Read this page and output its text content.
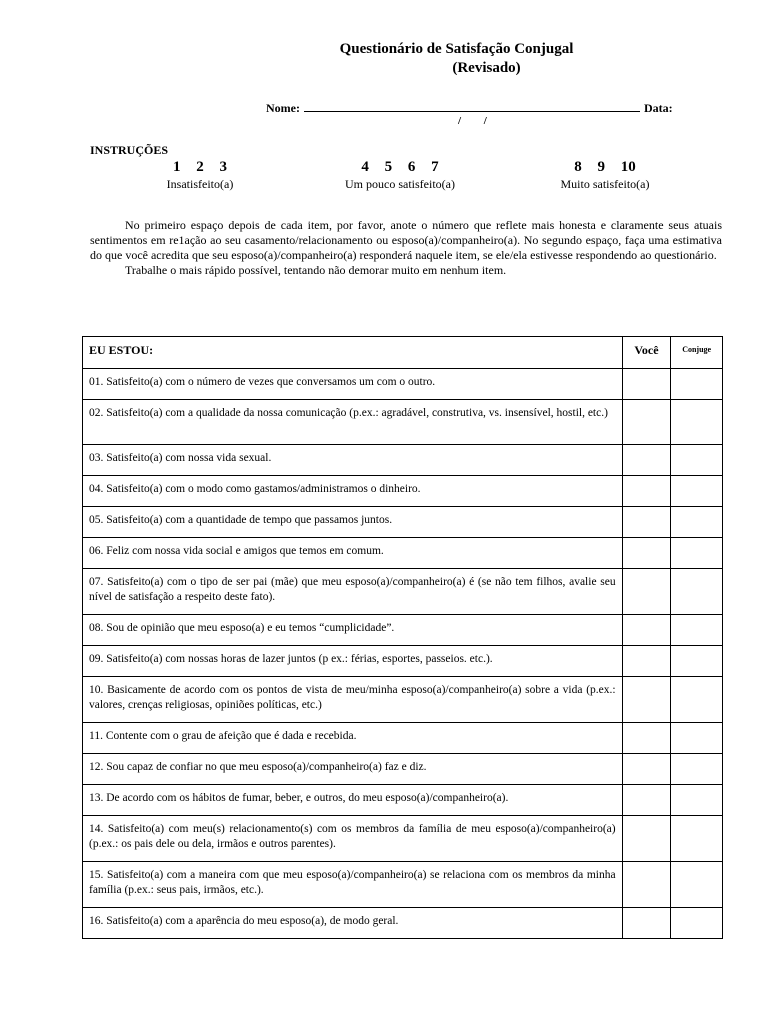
Questionário de Satisfação Conjugal
(Revisado)
Nome:	Data:
/ /
INSTRUÇÕES
1 2 3
Insatisfeito(a)
4 5 6 7
Um pouco satisfeito(a)
8 9 10
Muito satisfeito(a)

No primeiro espaço depois de cada item, por favor, anote o número que reflete mais honesta e claramente seus atuais sentimentos em re1ação ao seu casamento/relacionamento ou esposo(a)/companheiro(a). No segundo espaço, faça uma estimativa do que você acredita que seu esposo(a)/companheiro(a) responderá naquele item, se ele/ela estivesse respondendo ao questionário.

Trabalhe o mais rápido possível, tentando não demorar muito em nenhum item.

EU ESTOU:	Você	Conjuge
01. Satisfeito(a) com o número de vezes que conversamos um com o outro.		
02. Satisfeito(a) com a qualidade da nossa comunicação (p.ex.: agradável, construtiva, vs. insensível, hostil, etc.)		
03. Satisfeito(a) com nossa vida sexual.		
04. Satisfeito(a) com o modo como gastamos/administramos o dinheiro.		
05. Satisfeito(a) com a quantidade de tempo que passamos juntos.		
06. Feliz com nossa vida social e amigos que temos em comum.		
07. Satisfeito(a) com o tipo de ser pai (mãe) que meu esposo(a)/companheiro(a) é (se não tem filhos, avalie seu nível de satisfação a respeito deste fato).		
08. Sou de opinião que meu esposo(a) e eu temos “cumplicidade”.		
09. Satisfeito(a) com nossas horas de lazer juntos (p ex.: férias, esportes, passeios. etc.).		
10. Basicamente de acordo com os pontos de vista de meu/minha esposo(a)/companheiro(a) sobre a vida (p.ex.: valores, crenças religiosas, opiniões políticas, etc.)		
11. Contente com o grau de afeição que é dada e recebida.		
12. Sou capaz de confiar no que meu esposo(a)/companheiro(a) faz e diz.		
13. De acordo com os hábitos de fumar, beber, e outros, do meu esposo(a)/companheiro(a).		
14. Satisfeito(a) com meu(s) relacionamento(s) com os membros da família de meu esposo(a)/companheiro(a) (p.ex.: os pais dele ou dela, irmãos e outros parentes).		
15. Satisfeito(a) com a maneira com que meu esposo(a)/companheiro(a) se relaciona com os membros da minha família (p.ex.: seus pais, irmãos, etc.).		
16. Satisfeito(a) com a aparência do meu esposo(a), de modo geral.		
